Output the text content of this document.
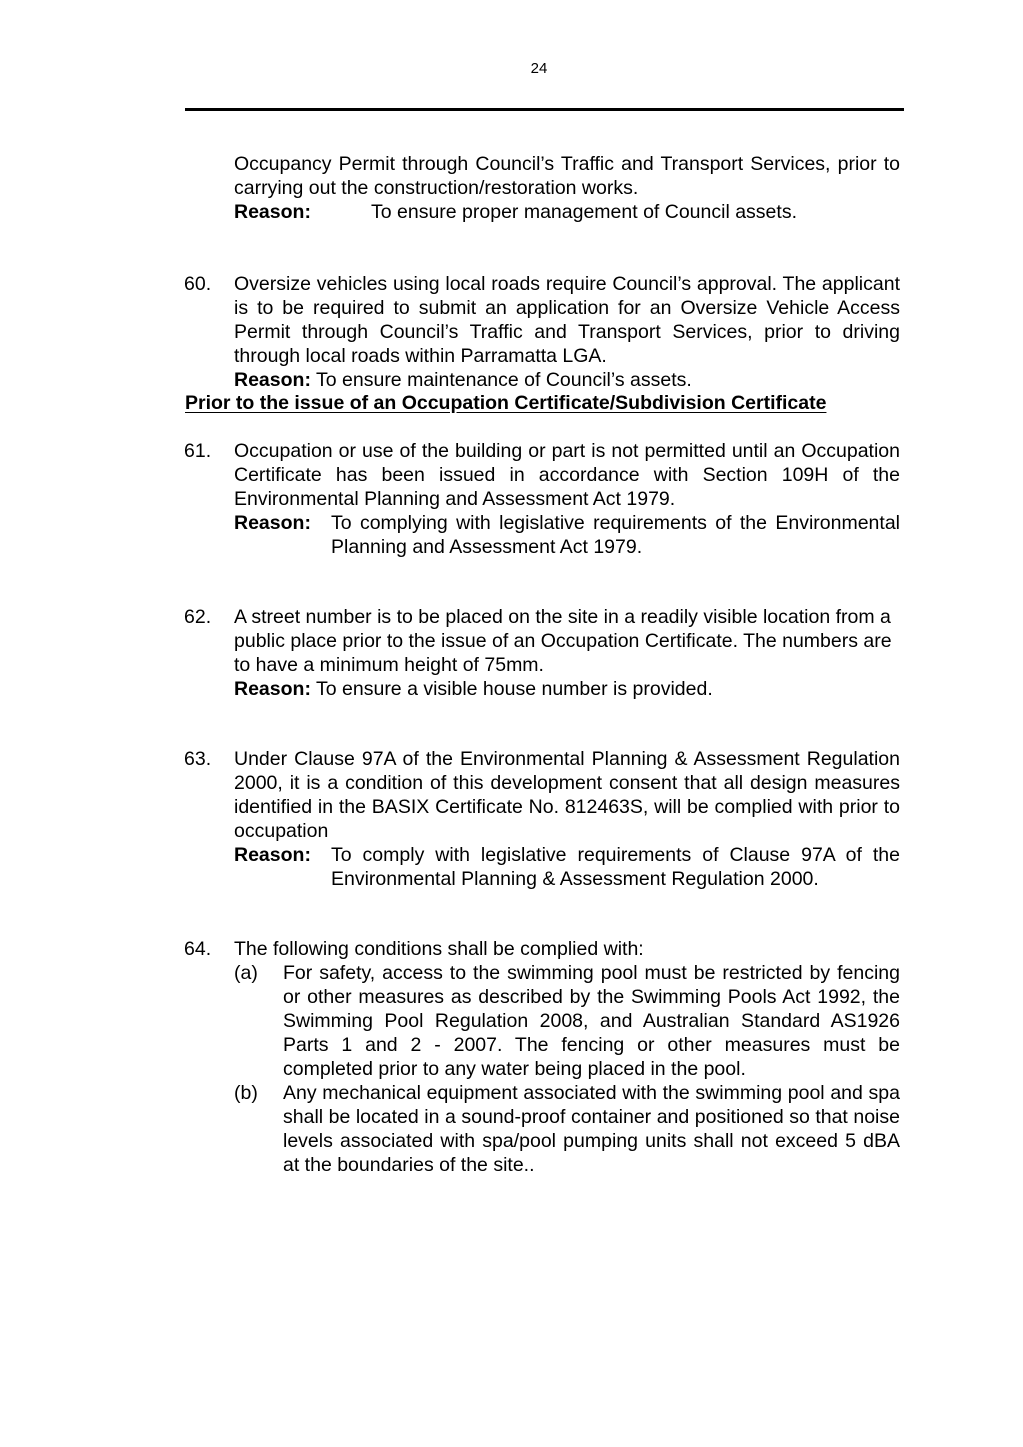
24
Occupancy Permit through Council’s Traffic and Transport Services, prior to carrying out the construction/restoration works.
Reason:	To ensure proper management of Council assets.
60. Oversize vehicles using local roads require Council’s approval. The applicant is to be required to submit an application for an Oversize Vehicle Access Permit through Council’s Traffic and Transport Services, prior to driving through local roads within Parramatta LGA.
Reason: To ensure maintenance of Council’s assets.
Prior to the issue of an Occupation Certificate/Subdivision Certificate
61. Occupation or use of the building or part is not permitted until an Occupation Certificate has been issued in accordance with Section 109H of the Environmental Planning and Assessment Act 1979.
Reason:	To complying with legislative requirements of the Environmental Planning and Assessment Act 1979.
62. A street number is to be placed on the site in a readily visible location from a public place prior to the issue of an Occupation Certificate. The numbers are to have a minimum height of 75mm.
Reason: To ensure a visible house number is provided.
63. Under Clause 97A of the Environmental Planning & Assessment Regulation 2000, it is a condition of this development consent that all design measures identified in the BASIX Certificate No. 812463S, will be complied with prior to occupation
Reason:	To comply with legislative requirements of Clause 97A of the Environmental Planning & Assessment Regulation 2000.
64. The following conditions shall be complied with:
(a) For safety, access to the swimming pool must be restricted by fencing or other measures as described by the Swimming Pools Act 1992, the Swimming Pool Regulation 2008, and Australian Standard AS1926 Parts 1 and 2 - 2007. The fencing or other measures must be completed prior to any water being placed in the pool.
(b) Any mechanical equipment associated with the swimming pool and spa shall be located in a sound-proof container and positioned so that noise levels associated with spa/pool pumping units shall not exceed 5 dBA at the boundaries of the site..
